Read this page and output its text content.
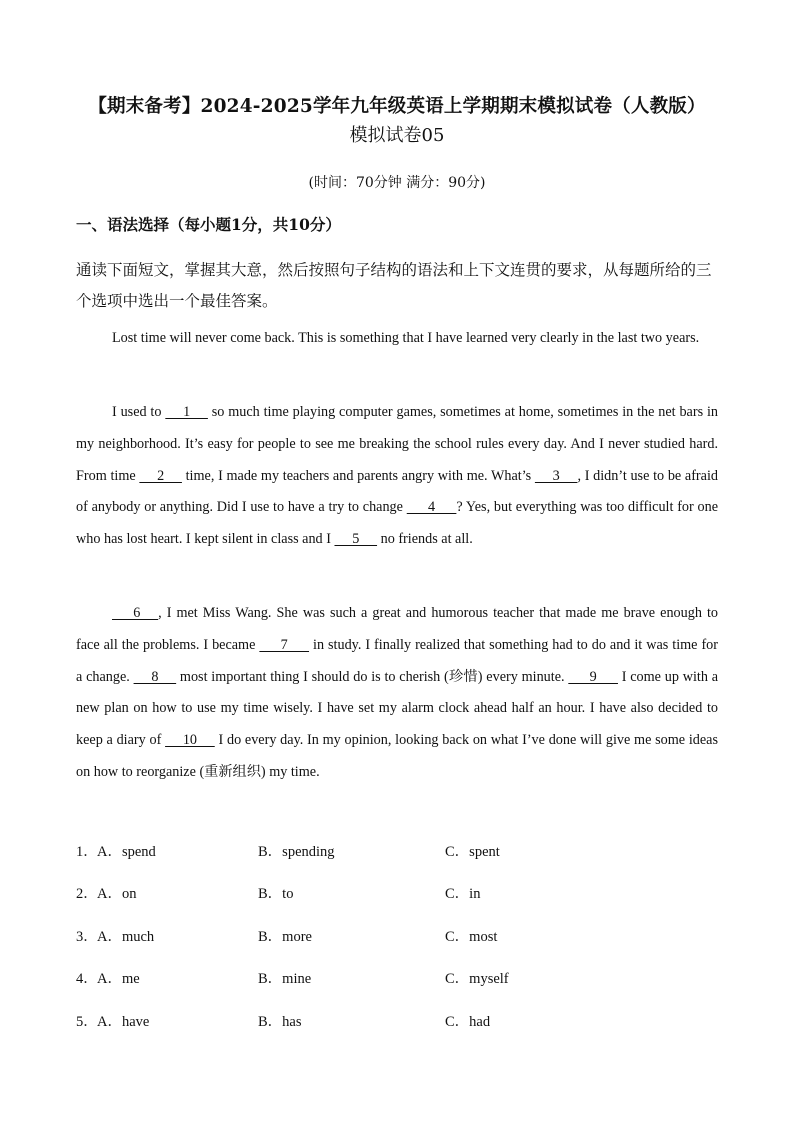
【期末备考】2024-2025学年九年级英语上学期期末模拟试卷（人教版）
模拟试卷05
(时间：70分钟 满分：90分)
一、语法选择（每小题1分，共10分）
通读下面短文，掌握其大意，然后按照句子结构的语法和上下文连贯的要求，从每题所给的三个选项中选出一个最佳答案。
Lost time will never come back. This is something that I have learned very clearly in the last two years.
I used to      1      so much time playing computer games, sometimes at home, sometimes in the net bars in my neighborhood. It’s easy for people to see me breaking the school rules every day. And I never studied hard. From time      2      time, I made my teachers and parents angry with me. What’s      3     , I didn’t use to be afraid of anybody or anything. Did I use to have a try to change       4      ? Yes, but everything was too difficult for one who has lost heart. I kept silent in class and I      5      no friends at all.
6     , I met Miss Wang. She was such a great and humorous teacher that made me brave enough to face all the problems. I became       7       in study. I finally realized that something had to do and it was time for a change.      8      most important thing I should do is to cherish (珍惜) every minute.       9       I come up with a new plan on how to use my time wisely. I have set my alarm clock ahead half an hour. I have also decided to keep a diary of      10      I do every day. In my opinion, looking back on what I’ve done will give me some ideas on how to reorganize (重新组织) my time.
1． A．spend	B．spending	C．spent
2． A．on	B．to	C．in
3． A．much	B．more	C．most
4． A．me	B．mine	C．myself
5． A．have	B．has	C．had
